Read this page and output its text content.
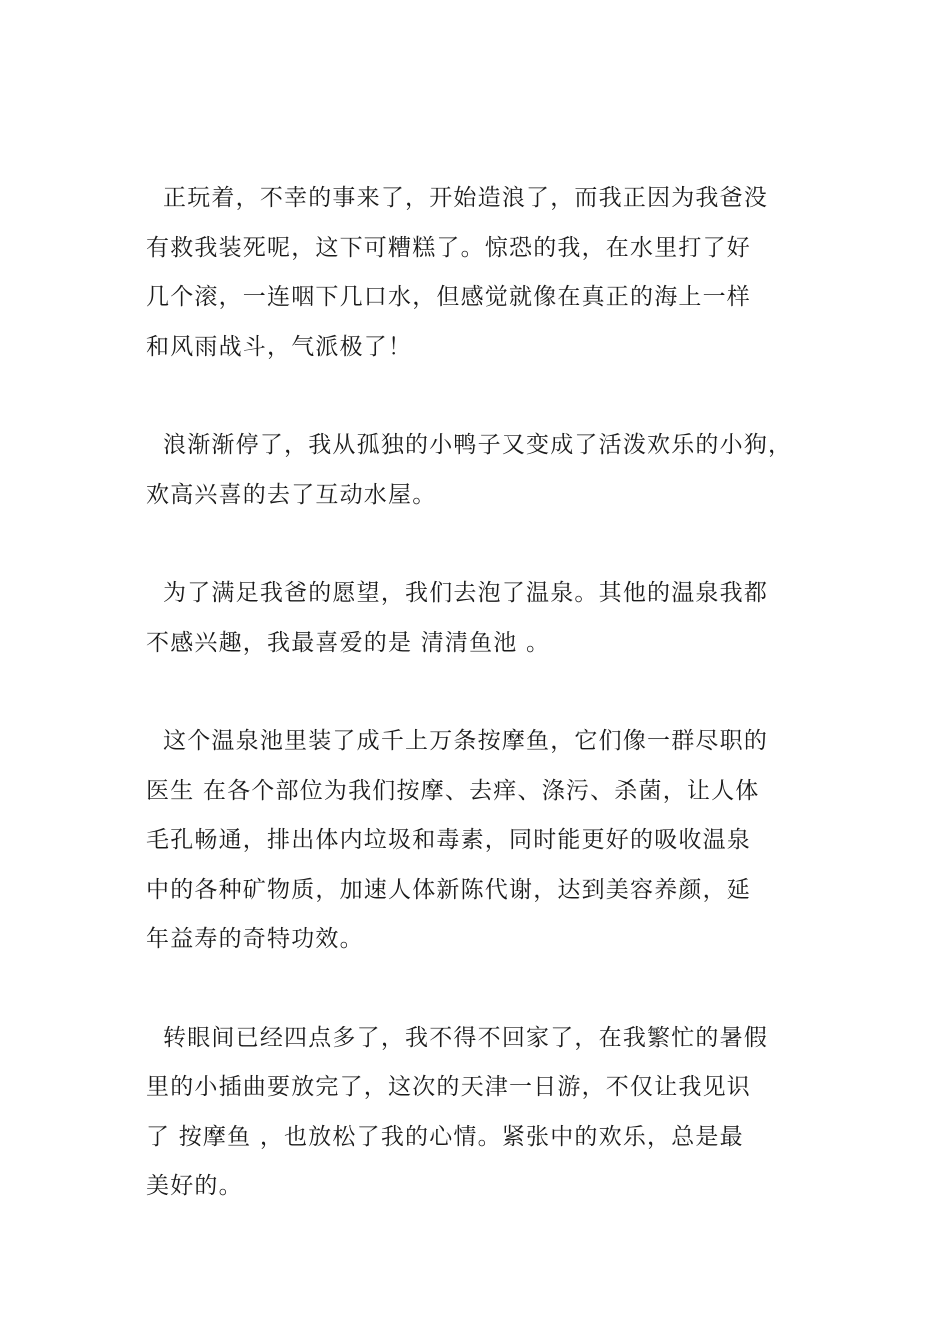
正玩着，不幸的事来了，开始造浪了，而我正因为我爸没
有救我装死呢，这下可糟糕了。惊恐的我，在水里打了好
几个滚，一连咽下几口水，但感觉就像在真正的海上一样
和风雨战斗，气派极了！

浪渐渐停了，我从孤独的小鸭子又变成了活泼欢乐的小狗，
欢高兴喜的去了互动水屋。

为了满足我爸的愿望，我们去泡了温泉。其他的温泉我都
不感兴趣，我最喜爱的是 清清鱼池 。

这个温泉池里装了成千上万条按摩鱼，它们像一群尽职的
医生 在各个部位为我们按摩、去痒、涤污、杀菌，让人体
毛孔畅通，排出体内垃圾和毒素，同时能更好的吸收温泉
中的各种矿物质，加速人体新陈代谢，达到美容养颜，延
年益寿的奇特功效。

转眼间已经四点多了，我不得不回家了，在我繁忙的暑假
里的小插曲要放完了，这次的天津一日游，不仅让我见识
了 按摩鱼 ，也放松了我的心情。紧张中的欢乐，总是最
美好的。
